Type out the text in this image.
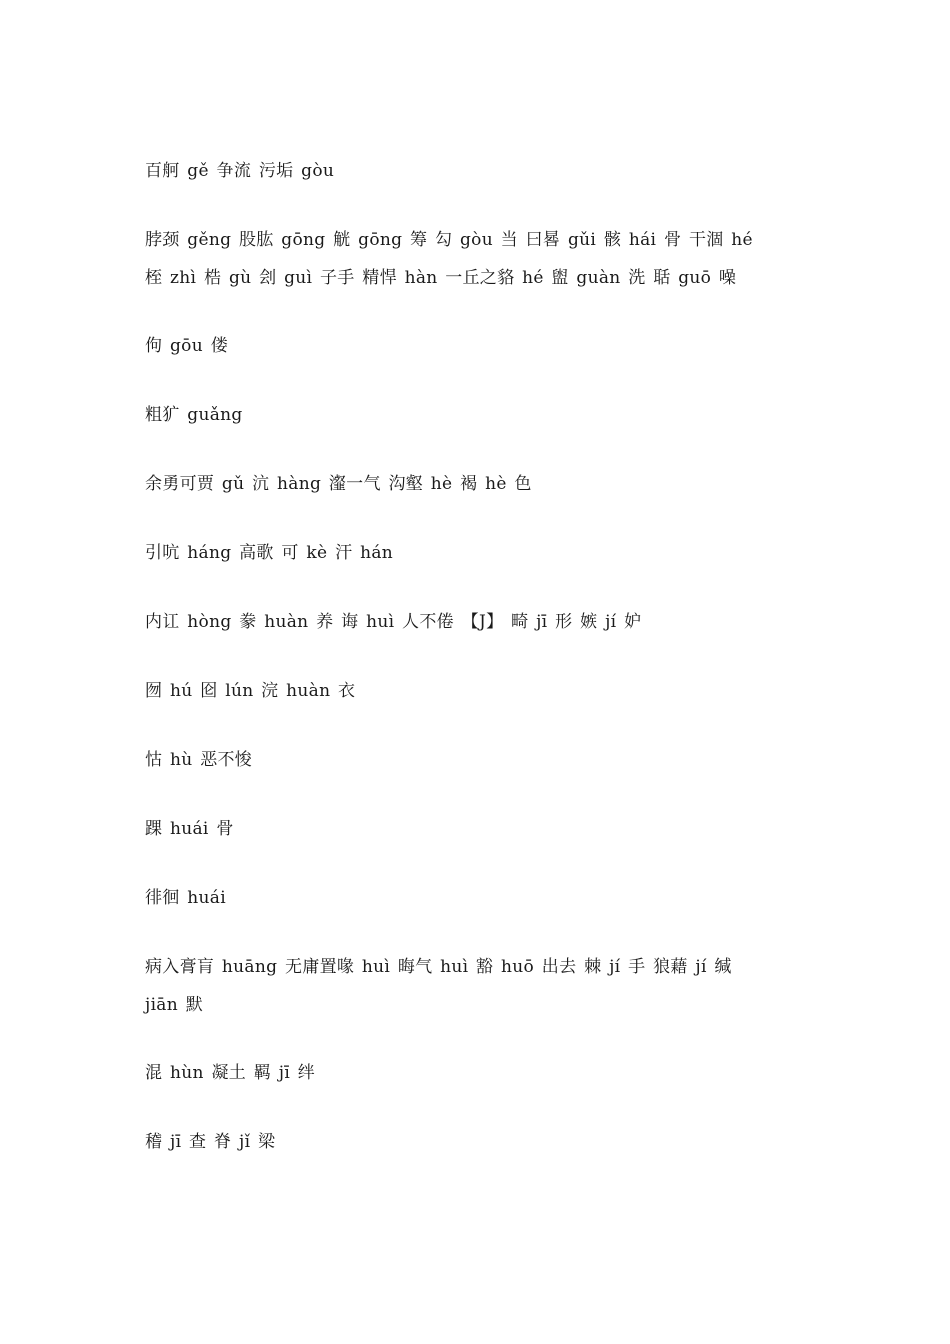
百舸 gě 争流 污垢 gòu

脖颈 gěng 股肱 gōng 觥 gōng 筹 勾 gòu 当 曰晷 gǔi 骸 hái 骨 干涸 hé
桎 zhì 梏 gù 刽 guì 子手 精悍 hàn 一丘之貉 hé 盥 guàn 洗 聒 guō 噪

佝 gōu 偻

粗犷 guǎng

余勇可贾 gǔ 沆 hàng 瀣一气 沟壑 hè 褐 hè 色

引吭 háng 高歌 可 kè 汗 hán

内讧 hòng 豢 huàn 养 诲 huì 人不倦 【J】 畸 jī 形 嫉 jí 妒

囫 hú 囵 lún 浣 huàn 衣

怙 hù 恶不悛

踝 huái 骨

徘徊 huái

病入膏肓 huāng 无庸置喙 huì 晦气 huì 豁 huō 出去 棘 jí 手 狼藉 jí 缄
jiān 默

混 hùn 凝土 羁 jī 绊

稽 jī 查 脊 jǐ 梁
